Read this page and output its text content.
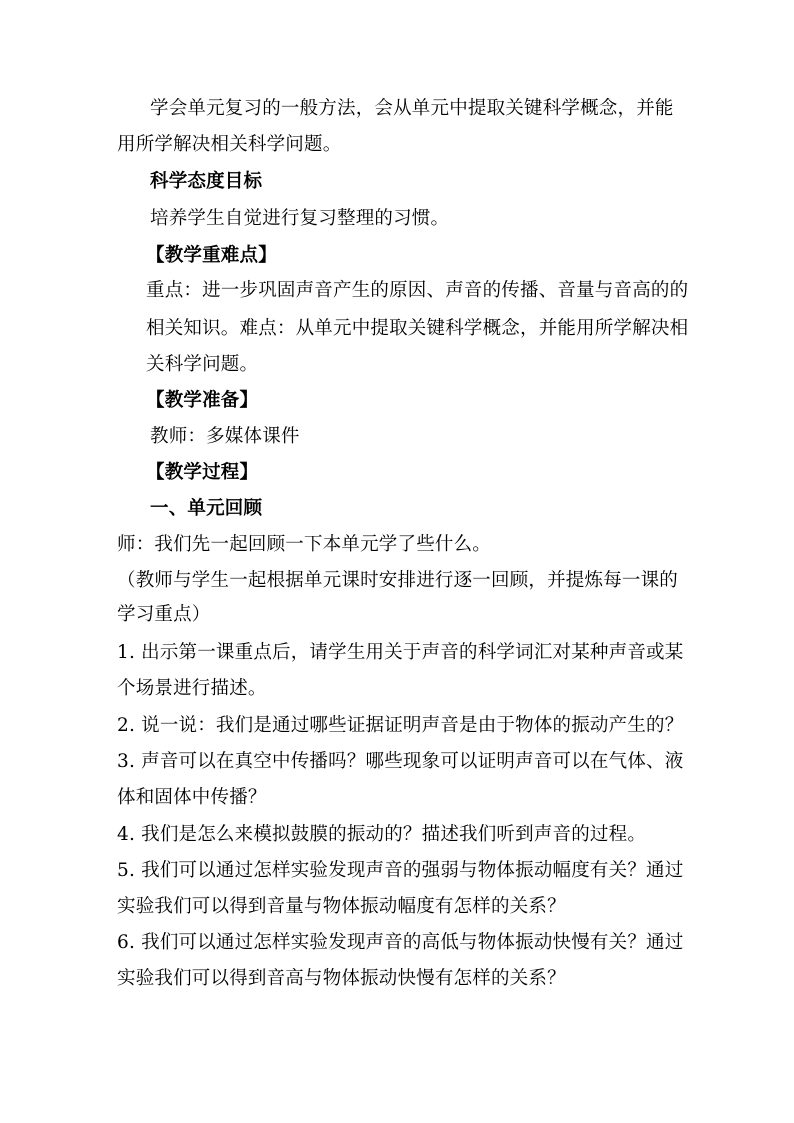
学会单元复习的一般方法，会从单元中提取关键科学概念，并能
用所学解决相关科学问题。
科学态度目标
培养学生自觉进行复习整理的习惯。
【教学重难点】
重点：进一步巩固声音产生的原因、声音的传播、音量与音高的的
相关知识。难点：从单元中提取关键科学概念，并能用所学解决相
关科学问题。
【教学准备】
教师：多媒体课件
【教学过程】
一、单元回顾
师：我们先一起回顾一下本单元学了些什么。
（教师与学生一起根据单元课时安排进行逐一回顾，并提炼每一课的
学习重点）
1. 出示第一课重点后，请学生用关于声音的科学词汇对某种声音或某
个场景进行描述。
2. 说一说：我们是通过哪些证据证明声音是由于物体的振动产生的？
3. 声音可以在真空中传播吗？哪些现象可以证明声音可以在气体、液
体和固体中传播？
4. 我们是怎么来模拟鼓膜的振动的？描述我们听到声音的过程。
5. 我们可以通过怎样实验发现声音的强弱与物体振动幅度有关？通过
实验我们可以得到音量与物体振动幅度有怎样的关系？
6. 我们可以通过怎样实验发现声音的高低与物体振动快慢有关？通过
实验我们可以得到音高与物体振动快慢有怎样的关系？
